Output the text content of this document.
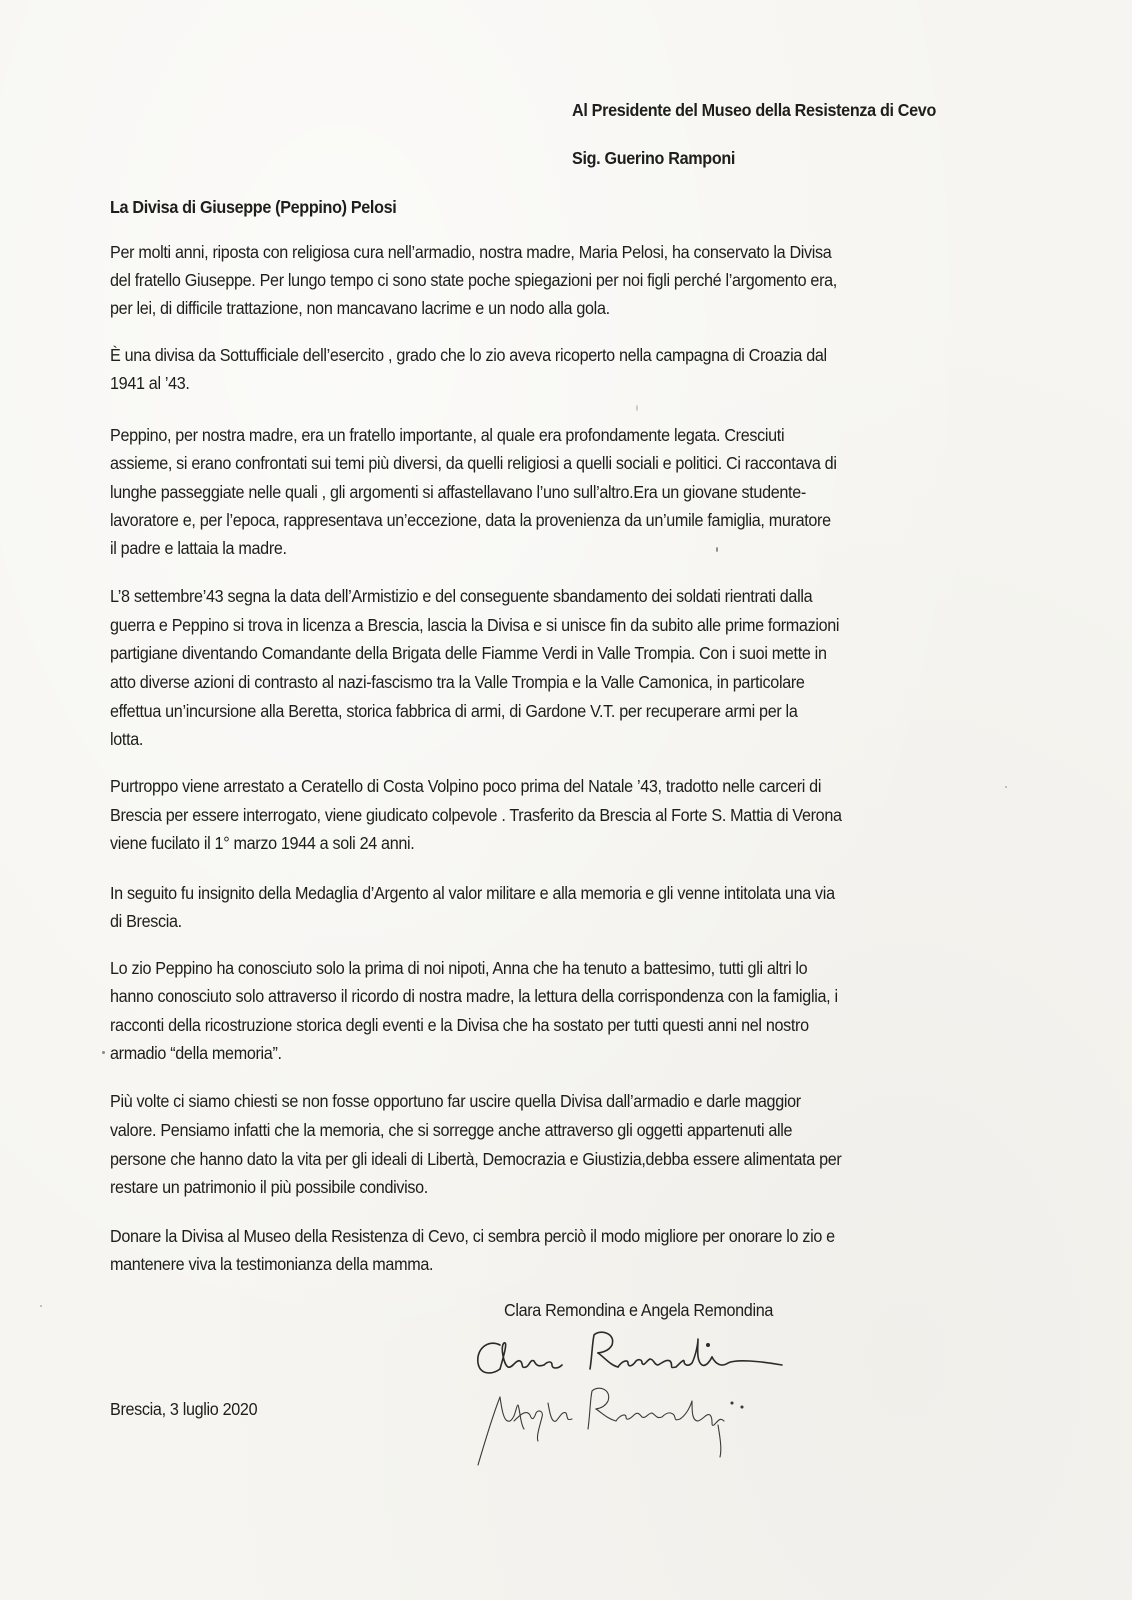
Al Presidente del Museo della Resistenza di Cevo
Sig. Guerino Ramponi
La Divisa di Giuseppe (Peppino) Pelosi
Per molti anni, riposta con religiosa cura nell’armadio, nostra madre, Maria Pelosi, ha conservato la Divisa
del fratello Giuseppe. Per lungo tempo ci sono state poche spiegazioni per noi figli perché l’argomento era,
per lei, di difficile trattazione, non mancavano lacrime e un nodo alla gola.
È una divisa da Sottufficiale dell’esercito , grado che lo zio aveva ricoperto nella campagna di Croazia dal
1941 al ’43.
Peppino, per nostra madre, era un fratello importante, al quale era profondamente legata. Cresciuti
assieme, si erano confrontati sui temi più diversi, da quelli religiosi a quelli sociali e politici. Ci raccontava di
lunghe passeggiate nelle quali , gli argomenti si affastellavano l’uno sull’altro.Era un giovane studente-
lavoratore e, per l’epoca, rappresentava un’eccezione, data la provenienza da un’umile famiglia, muratore
il padre e lattaia la madre.
L’8 settembre’43 segna la data dell’Armistizio e del conseguente sbandamento dei soldati rientrati dalla
guerra e Peppino si trova in licenza a Brescia, lascia la Divisa e si unisce fin da subito alle prime formazioni
partigiane diventando Comandante della Brigata delle Fiamme Verdi in Valle Trompia. Con i suoi mette in
atto diverse azioni di contrasto al nazi-fascismo tra la Valle Trompia e la Valle Camonica, in particolare
effettua un’incursione alla Beretta, storica fabbrica di armi, di Gardone V.T. per recuperare armi per la
lotta.
Purtroppo viene arrestato a Ceratello di Costa Volpino poco prima del Natale ’43, tradotto nelle carceri di
Brescia per essere interrogato, viene giudicato colpevole . Trasferito da Brescia al Forte S. Mattia di Verona
viene fucilato il 1° marzo 1944 a soli 24 anni.
In seguito fu insignito della Medaglia d’Argento al valor militare e alla memoria e gli venne intitolata una via
di Brescia.
Lo zio Peppino ha conosciuto solo la prima di noi nipoti, Anna che ha tenuto a battesimo, tutti gli altri lo
hanno conosciuto solo attraverso il ricordo di nostra madre, la lettura della corrispondenza con la famiglia, i
racconti della ricostruzione storica degli eventi e la Divisa che ha sostato per tutti questi anni nel nostro
armadio “della memoria”.
Più volte ci siamo chiesti se non fosse opportuno far uscire quella Divisa dall’armadio e darle maggior
valore. Pensiamo infatti che la memoria, che si sorregge anche attraverso gli oggetti appartenuti alle
persone che hanno dato la vita per gli ideali di Libertà, Democrazia e Giustizia,debba essere alimentata per
restare un patrimonio il più possibile condiviso.
Donare la Divisa al Museo della Resistenza di Cevo, ci sembra perciò il modo migliore per onorare lo zio e
mantenere viva la testimonianza della mamma.
Clara Remondina e Angela Remondina
Brescia, 3 luglio 2020
